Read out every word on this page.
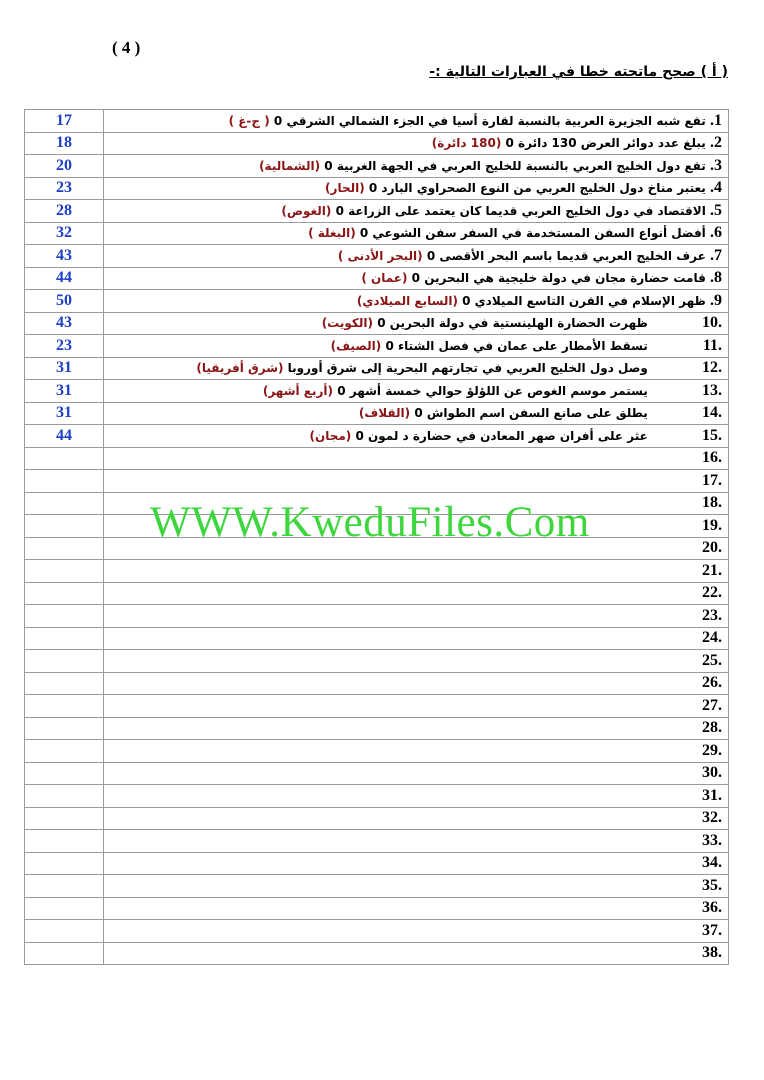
( 4 )
( أ ) صحح ماتحته خطا في العبارات التالية :-
17	1. تقع شبه الجزيرة العربية بالنسبة لقارة أسيا في الجزء الشمالي الشرقي 0 ( ج-غ )
18	2. يبلغ عدد دوائر العرض 130 دائرة 0 (180 دائرة)
20	3. تقع دول الخليج العربي بالنسبة للخليج العربي في الجهة الغربية 0 (الشمالية)
23	4. يعتبر مناخ دول الخليج العربي من النوع الصحراوي البارد 0 (الحار)
28	5. الاقتصاد في دول الخليج العربي قديما كان يعتمد على الزراعة 0 (الغوص)
32	6. أفضل أنواع السفن المستخدمة في السفر سفن الشوعي 0 (البغلة )
43	7. عرف الخليج العربي قديما باسم البحر الأقصى 0 (البحر الأدنى )
44	8. قامت حضارة مجان في دولة خليجية هي البحرين 0 (عمان )
50	9. ظهر الإسلام في القرن التاسع الميلادي 0 (السابع الميلادي)
43	.10 ظهرت الحضارة الهلينستية في دولة البحرين 0 (الكويت)
23	.11 تسقط الأمطار على عمان في فصل الشتاء 0 (الصيف)
31	.12 وصل دول الخليج العربي في تجارتهم البحرية إلى شرق أوروبا (شرق أفريقيا)
31	.13 يستمر موسم الغوص عن اللؤلؤ حوالي خمسة أشهر 0 (أربع أشهر)
31	.14 يطلق على صانع السفن اسم الطواش 0 (القلاف)
44	.15 عثر على أفران صهر المعادن في حضارة د لمون 0 (مجان)
	.16
	.17
	.18
	.19
	.20
	.21
	.22
	.23
	.24
	.25
	.26
	.27
	.28
	.29
	.30
	.31
	.32
	.33
	.34
	.35
	.36
	.37
	.38
WWW.KweduFiles.Com
